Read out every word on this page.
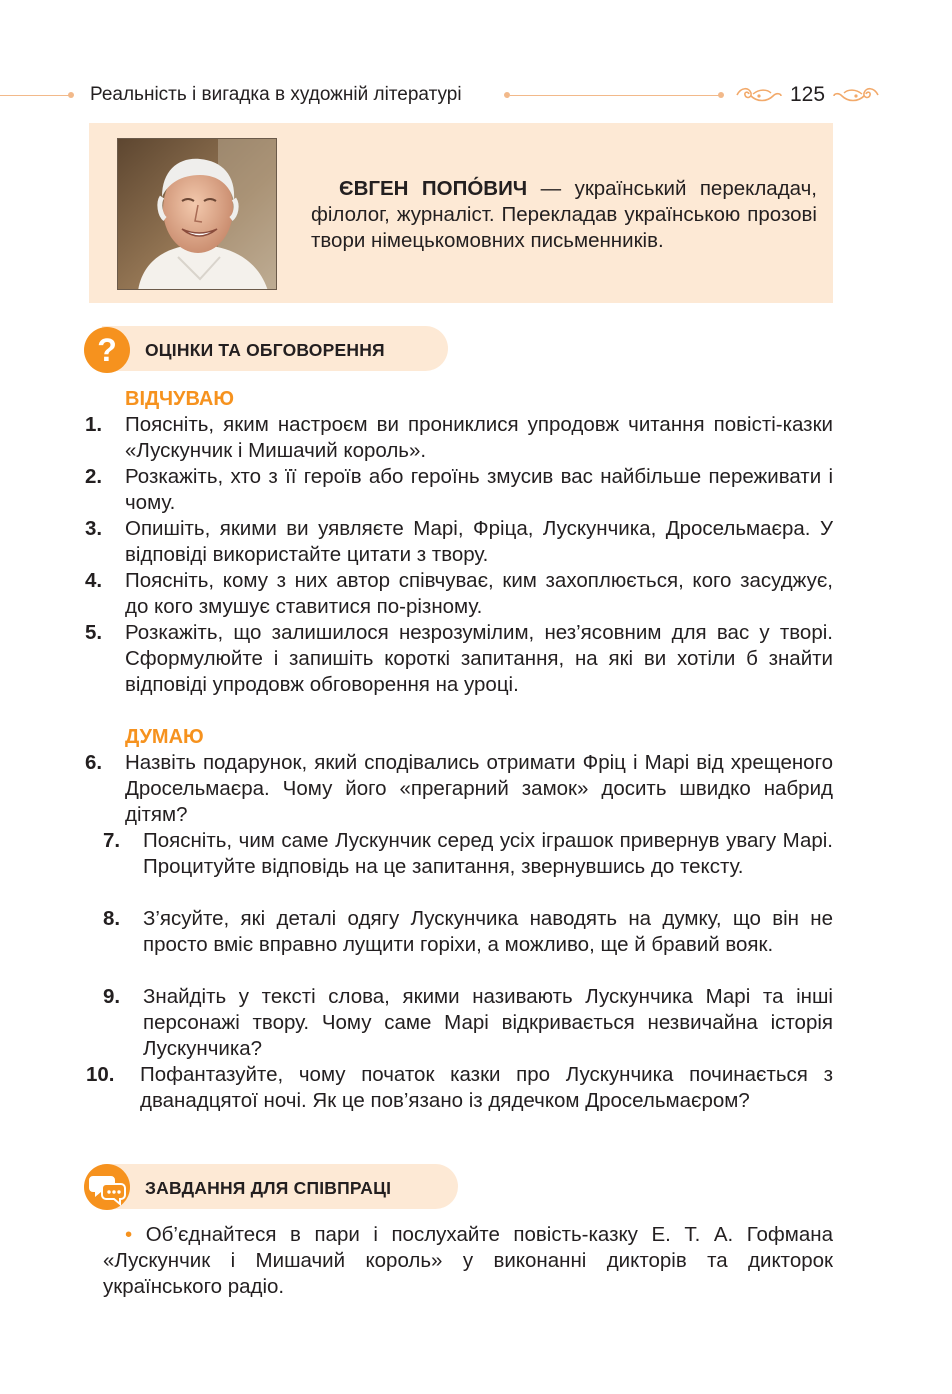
Реальність і вигадка в художній літературі	125
ЄВГЕН ПОПО́ВИЧ — український перекладач, філолог, журналіст. Перекладав українською прозові твори німецькомовних письменників.
? ОЦІНКИ ТА ОБГОВОРЕННЯ
ВІДЧУВАЮ
1.	Поясніть, яким настроєм ви прониклися упродовж читання повісті-казки «Лускунчик і Мишачий король».
2.	Розкажіть, хто з її героїв або героїнь змусив вас найбільше переживати і чому.
3.	Опишіть, якими ви уявляєте Марі, Фріца, Лускунчика, Дросельмаєра. У відповіді використайте цитати з твору.
4.	Поясніть, кому з них автор співчуває, ким захоплюється, кого засуджує, до кого змушує ставитися по-різному.
5.	Розкажіть, що залишилося незрозумілим, нез’ясовним для вас у творі. Сформулюйте і запишіть короткі запитання, на які ви хотіли б знайти відповіді упродовж обговорення на уроці.
ДУМАЮ
6.	Назвіть подарунок, який сподівались отримати Фріц і Марі від хрещеного Дросельмаєра. Чому його «прегарний замок» досить швидко набрид дітям?
7.	Поясніть, чим саме Лускунчик серед усіх іграшок привернув увагу Марі. Процитуйте відповідь на це запитання, звернувшись до тексту.
8.	З’ясуйте, які деталі одягу Лускунчика наводять на думку, що він не просто вміє вправно лущити горіхи, а можливо, ще й бравий вояк.
9.	Знайдіть у тексті слова, якими називають Лускунчика Марі та інші персонажі твору. Чому саме Марі відкривається незвичайна історія Лускунчика?
10.	Пофантазуйте, чому початок казки про Лускунчика починається з дванадцятої ночі. Як це пов’язано із дядечком Дросельмаєром?
ЗАВДАННЯ ДЛЯ СПІВПРАЦІ
• Об’єднайтеся в пари і послухайте повість-казку Е. Т. А. Гофмана «Лускунчик і Мишачий король» у виконанні дикторів та дикторок українського радіо.
